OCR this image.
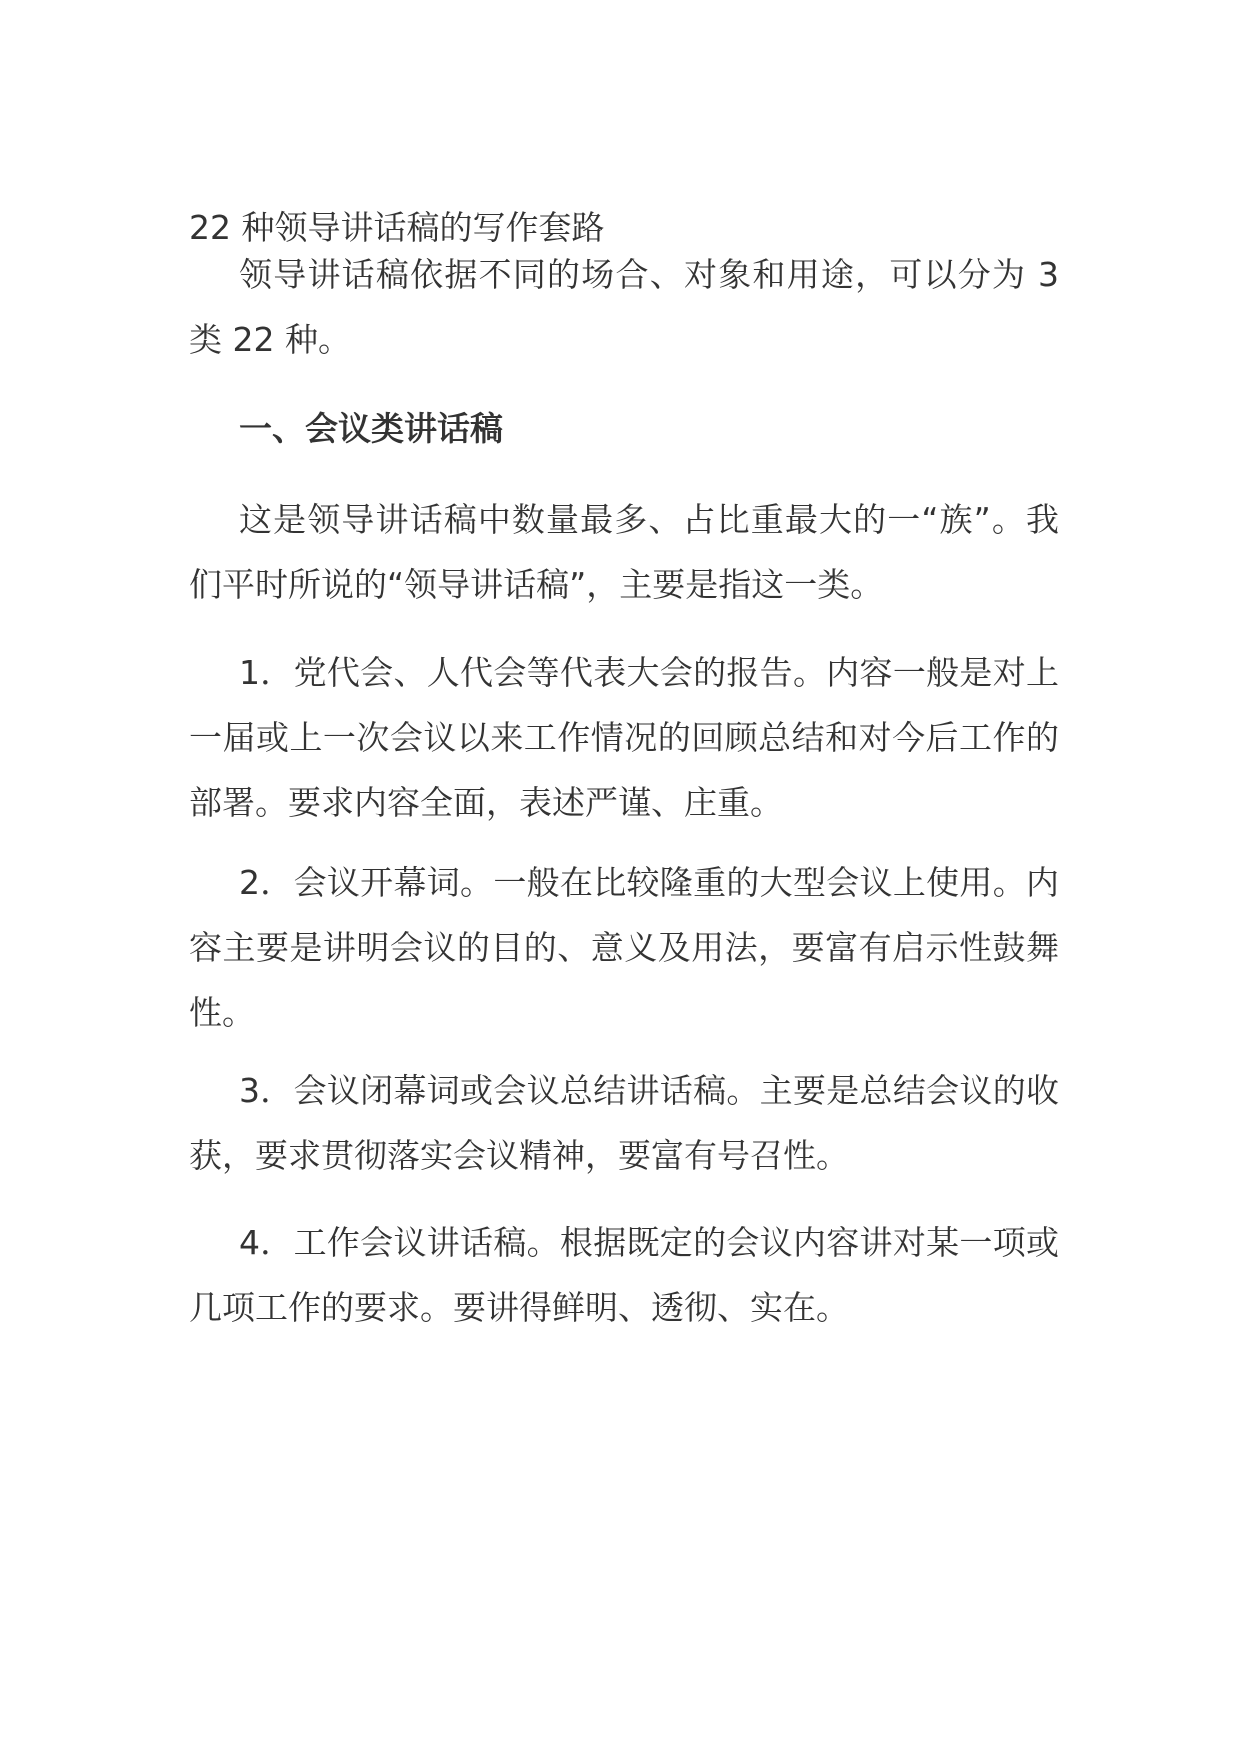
22 种领导讲话稿的写作套路

领导讲话稿依据不同的场合、对象和用途，可以分为 3 类 22 种。

一、会议类讲话稿

这是领导讲话稿中数量最多、占比重最大的一“族”。我们平时所说的“领导讲话稿”，主要是指这一类。

1．党代会、人代会等代表大会的报告。内容一般是对上一届或上一次会议以来工作情况的回顾总结和对今后工作的部署。要求内容全面，表述严谨、庄重。

2．会议开幕词。一般在比较隆重的大型会议上使用。内容主要是讲明会议的目的、意义及用法，要富有启示性鼓舞性。

3．会议闭幕词或会议总结讲话稿。主要是总结会议的收获，要求贯彻落实会议精神，要富有号召性。

4．工作会议讲话稿。根据既定的会议内容讲对某一项或几项工作的要求。要讲得鲜明、透彻、实在。
